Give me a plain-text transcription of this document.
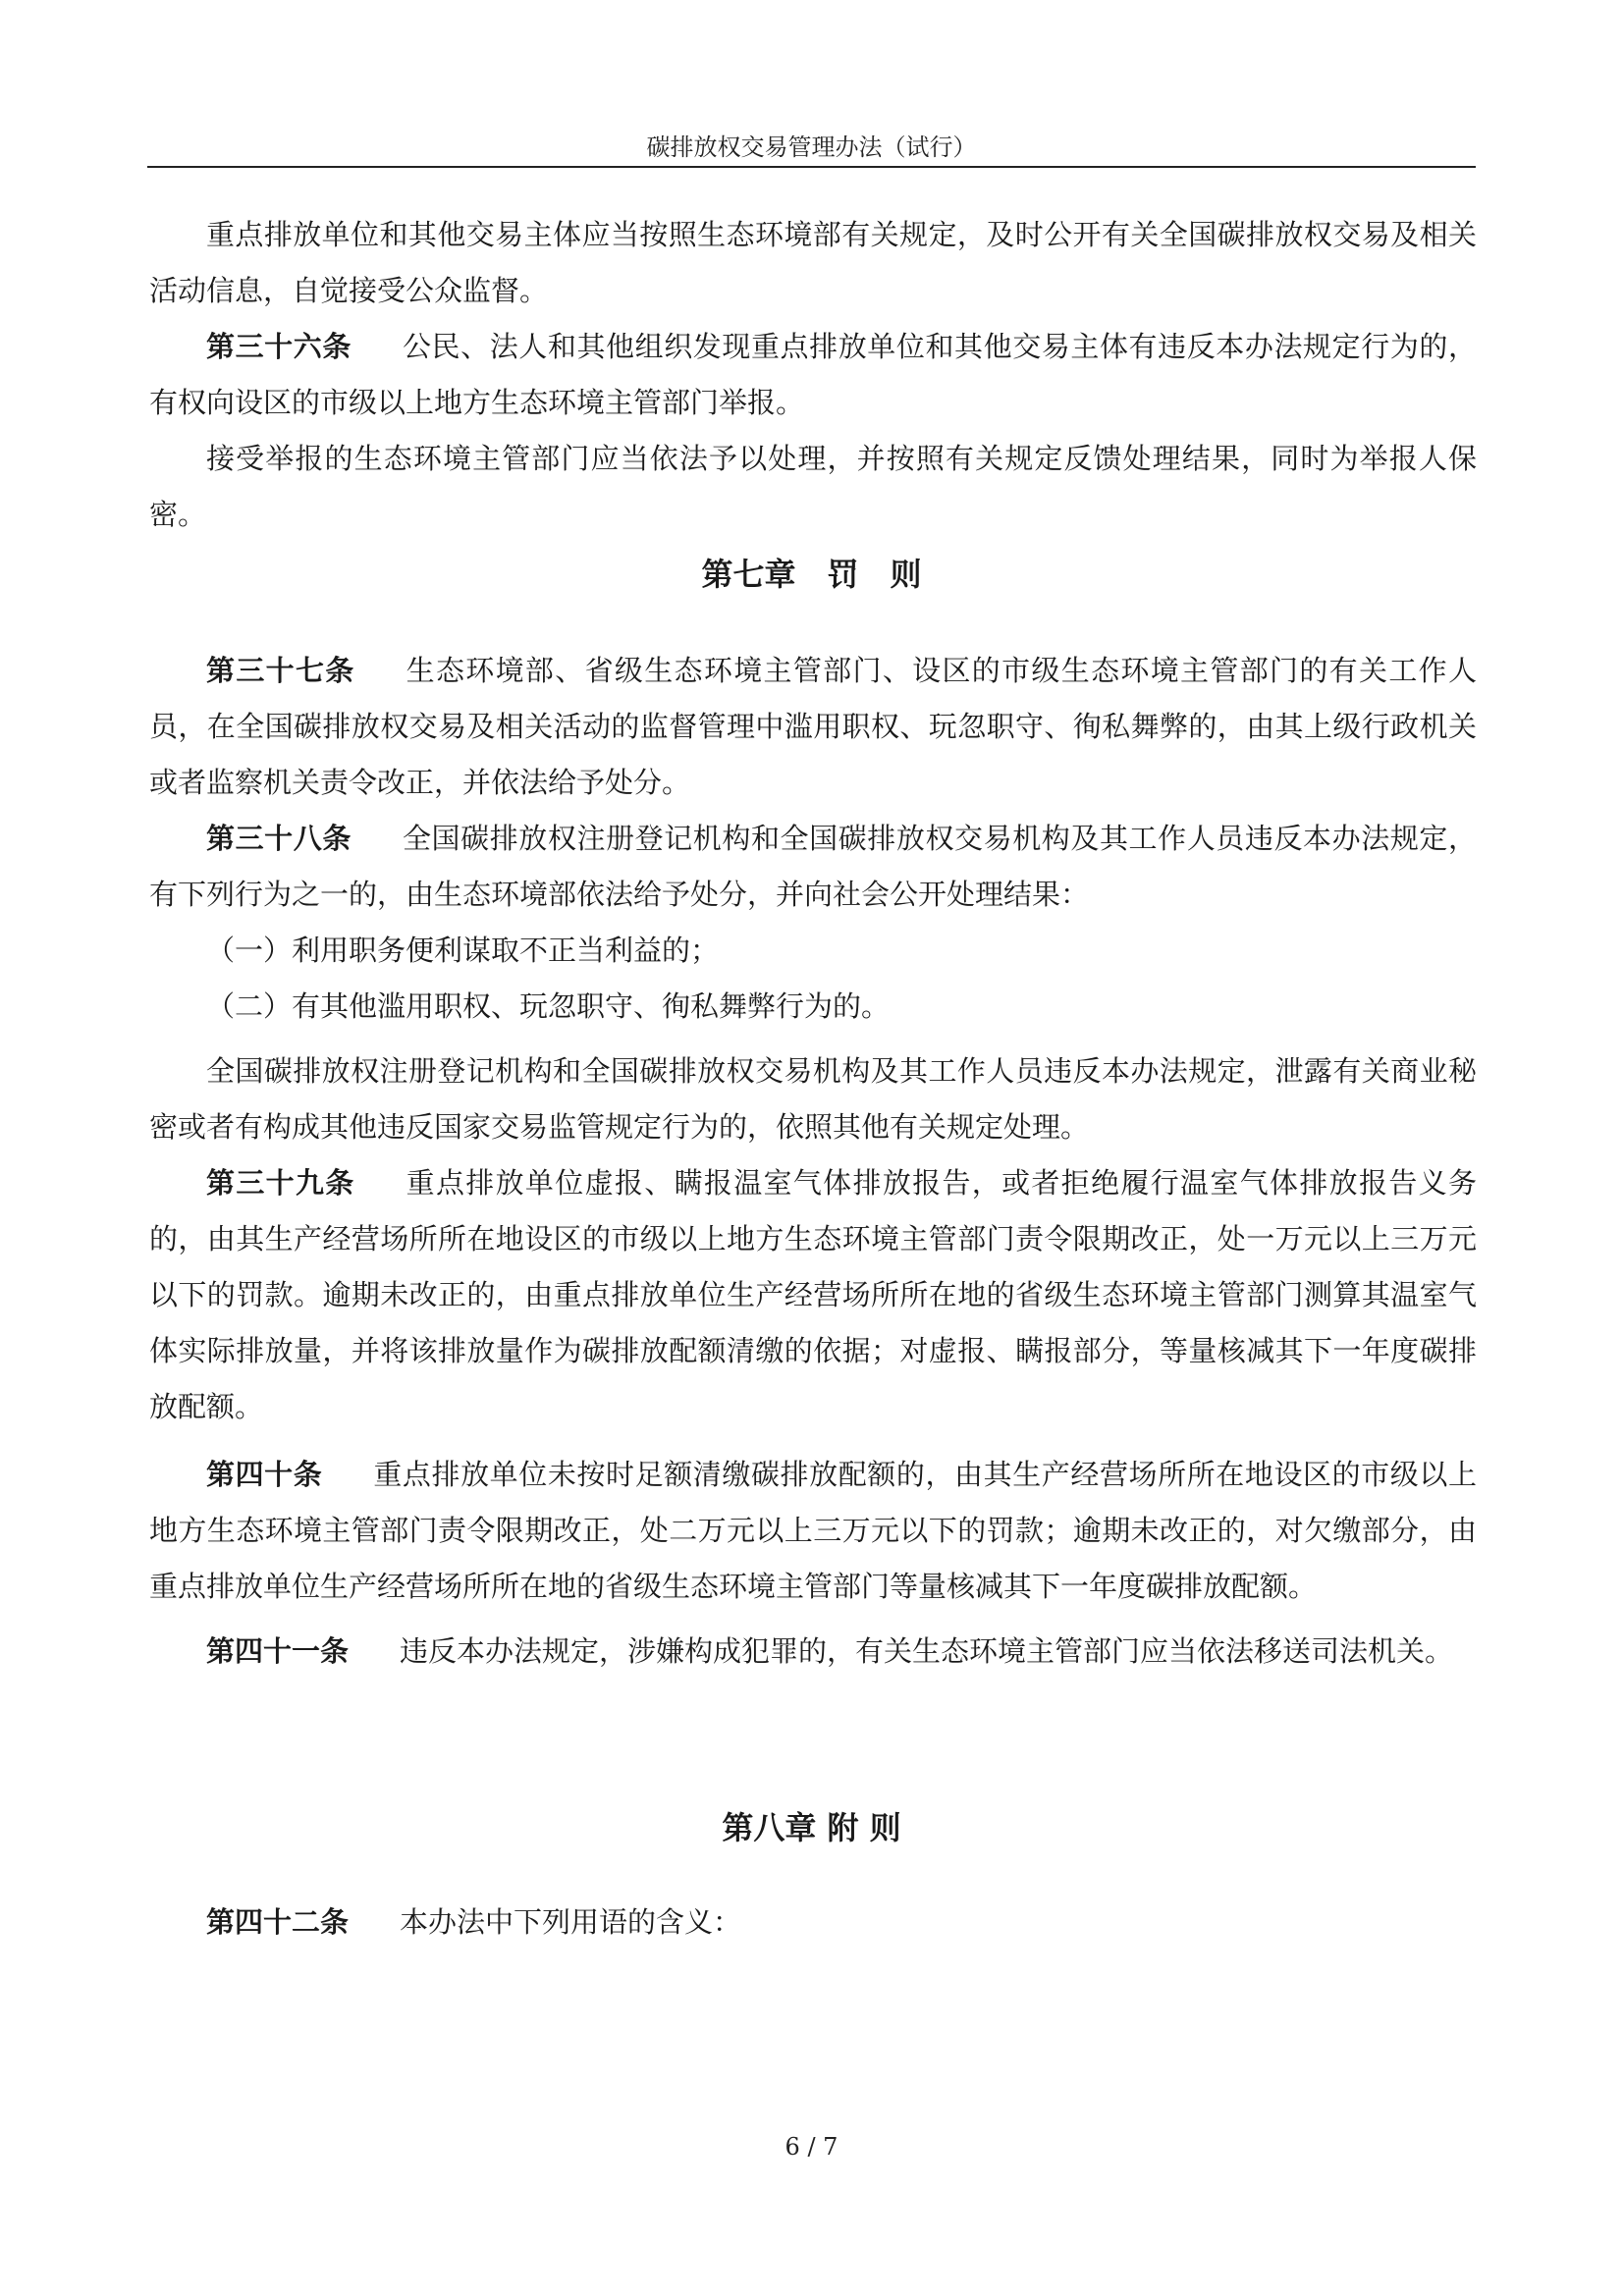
碳排放权交易管理办法（试行）

重点排放单位和其他交易主体应当按照生态环境部有关规定，及时公开有关全国碳排放权交易及相关活动信息，自觉接受公众监督。

第三十六条 公民、法人和其他组织发现重点排放单位和其他交易主体有违反本办法规定行为的，有权向设区的市级以上地方生态环境主管部门举报。

接受举报的生态环境主管部门应当依法予以处理，并按照有关规定反馈处理结果，同时为举报人保密。

第七章　罚　则

第三十七条 生态环境部、省级生态环境主管部门、设区的市级生态环境主管部门的有关工作人员，在全国碳排放权交易及相关活动的监督管理中滥用职权、玩忽职守、徇私舞弊的，由其上级行政机关或者监察机关责令改正，并依法给予处分。

第三十八条 全国碳排放权注册登记机构和全国碳排放权交易机构及其工作人员违反本办法规定，有下列行为之一的，由生态环境部依法给予处分，并向社会公开处理结果：

（一）利用职务便利谋取不正当利益的；

（二）有其他滥用职权、玩忽职守、徇私舞弊行为的。

全国碳排放权注册登记机构和全国碳排放权交易机构及其工作人员违反本办法规定，泄露有关商业秘密或者有构成其他违反国家交易监管规定行为的，依照其他有关规定处理。

第三十九条 重点排放单位虚报、瞒报温室气体排放报告，或者拒绝履行温室气体排放报告义务的，由其生产经营场所所在地设区的市级以上地方生态环境主管部门责令限期改正，处一万元以上三万元以下的罚款。逾期未改正的，由重点排放单位生产经营场所所在地的省级生态环境主管部门测算其温室气体实际排放量，并将该排放量作为碳排放配额清缴的依据；对虚报、瞒报部分，等量核减其下一年度碳排放配额。

第四十条 重点排放单位未按时足额清缴碳排放配额的，由其生产经营场所所在地设区的市级以上地方生态环境主管部门责令限期改正，处二万元以上三万元以下的罚款；逾期未改正的，对欠缴部分，由重点排放单位生产经营场所所在地的省级生态环境主管部门等量核减其下一年度碳排放配额。

第四十一条 违反本办法规定，涉嫌构成犯罪的，有关生态环境主管部门应当依法移送司法机关。

第八章 附 则

第四十二条 本办法中下列用语的含义：

6 / 7
